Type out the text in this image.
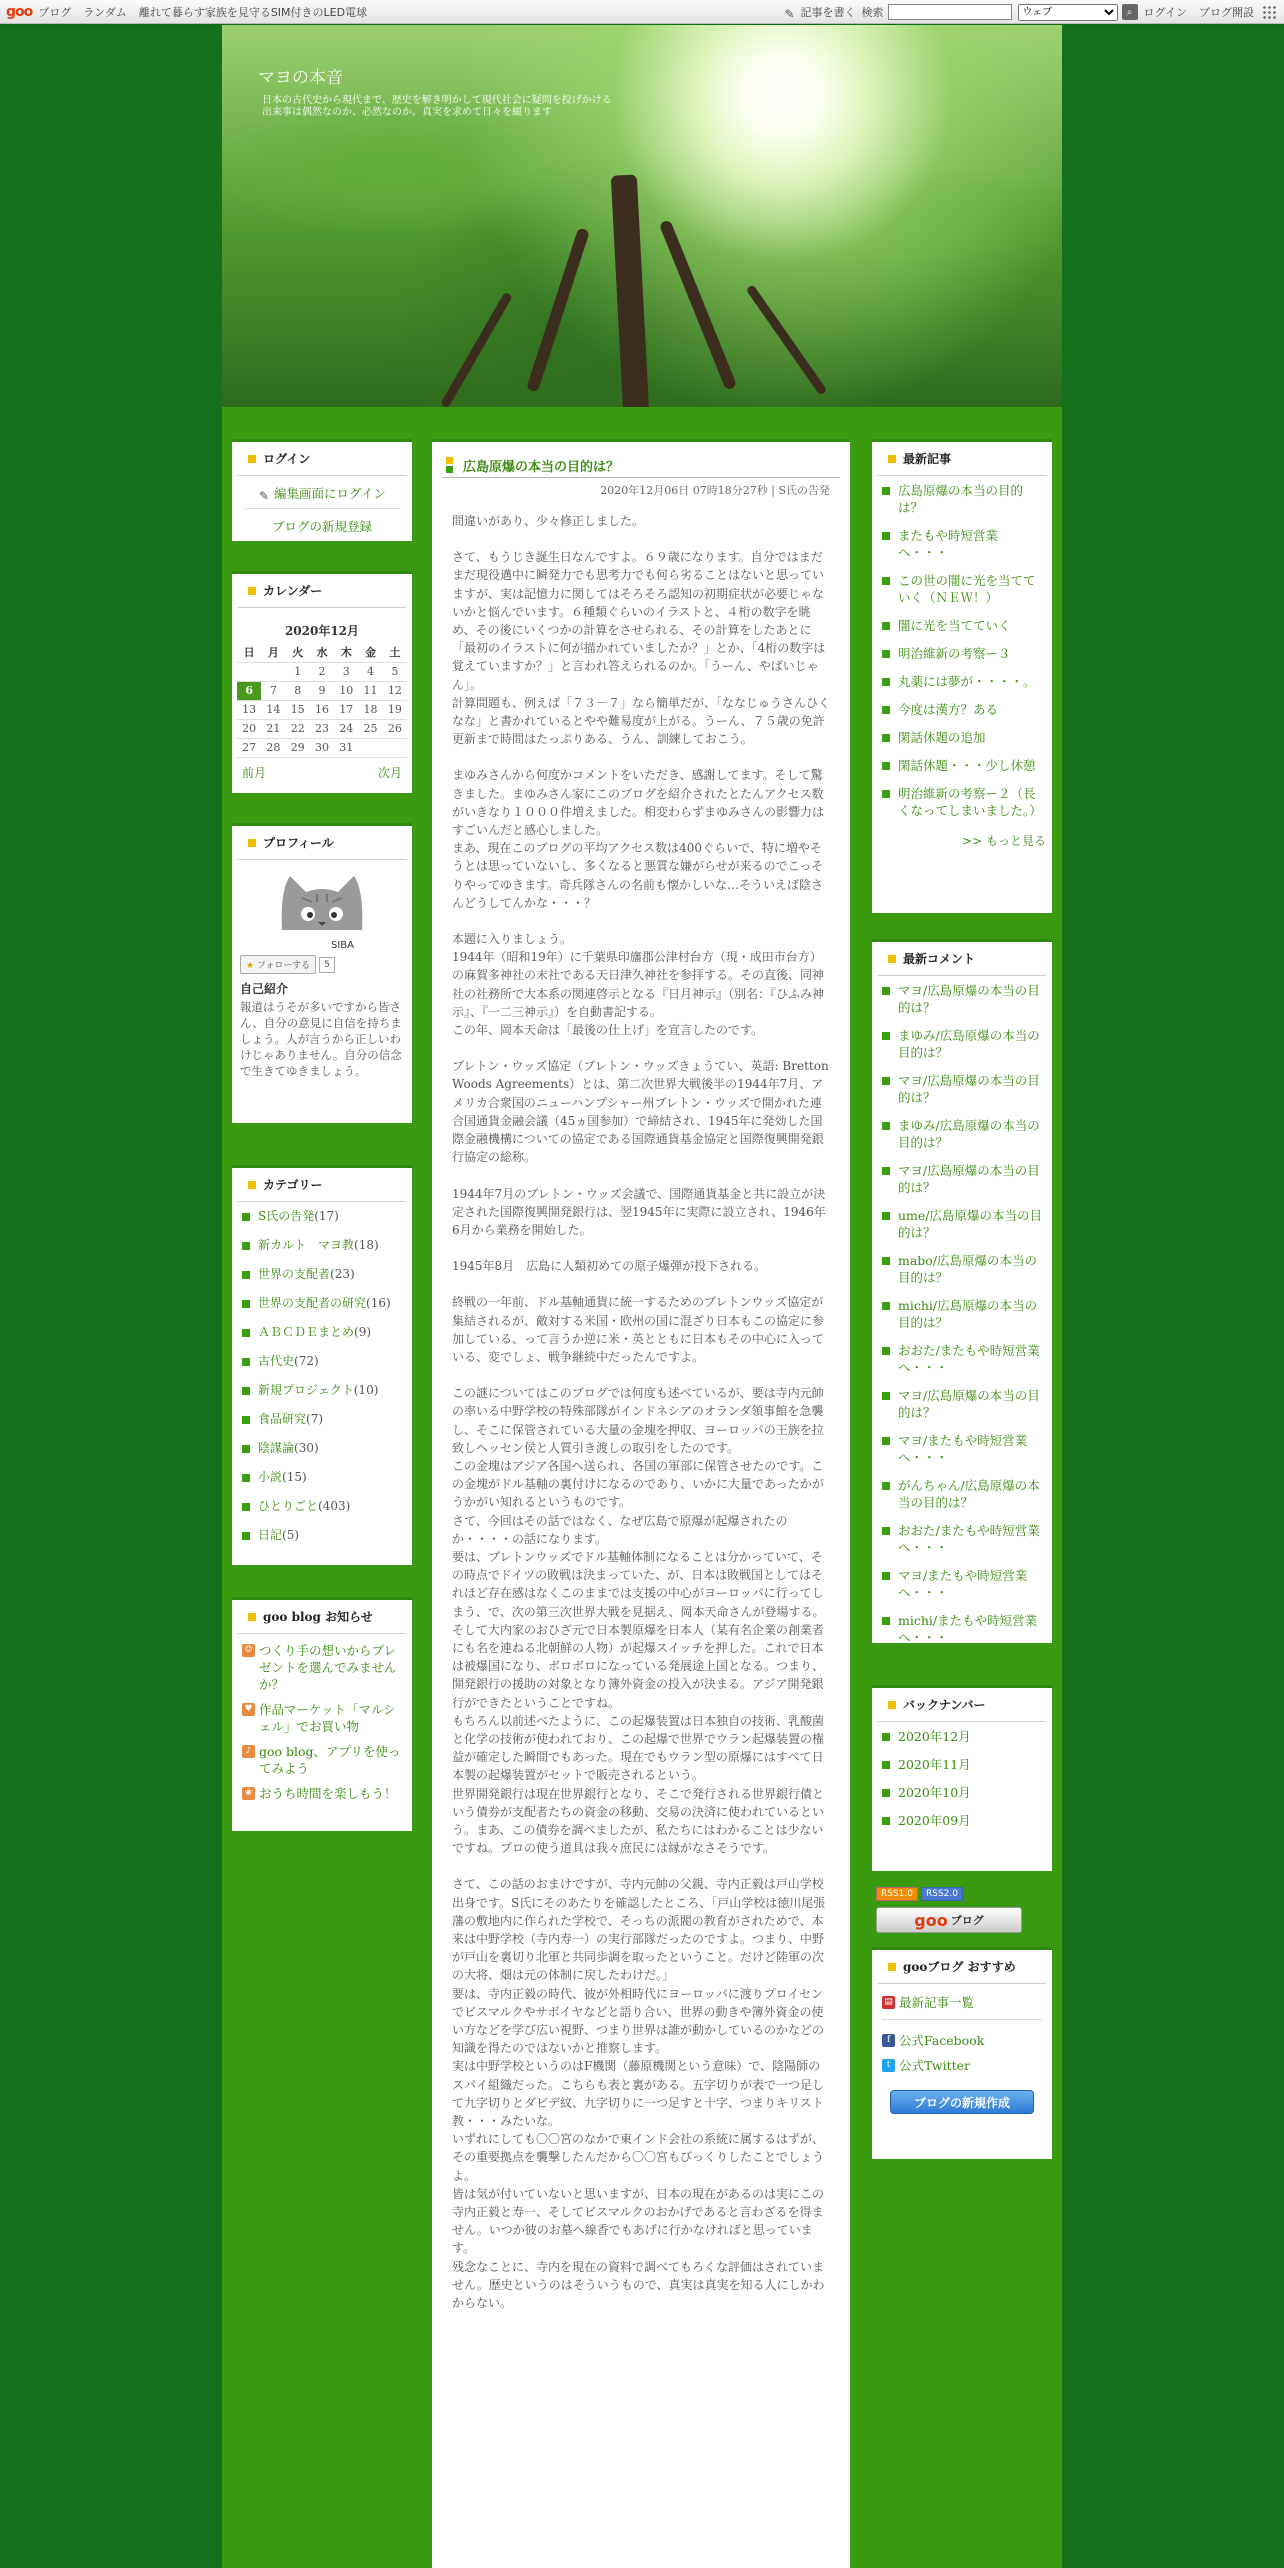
goo ブログ ランダム 離れて暮らす家族を見守るSIM付きのLED電球	✎ 記事を書く 検索
ウェブ	⌕ ログイン ブログ開設
マヨの本音
日本の古代史から現代まで、歴史を解き明かして現代社会に疑問を投げかける
出来事は偶然なのか、必然なのか。真実を求めて日々を綴ります
ログイン
✎ 編集画面にログイン
ブログの新規登録
カレンダー
2020年12月
日	月	火	水	木	金	土
		1	2	3	4	5
6	7	8	9	10	11	12
13	14	15	16	17	18	19
20	21	22	23	24	25	26
27	28	29	30	31		
前月	次月
プロフィール
SIBA
★ フォローする	5
自己紹介
報道はうそが多いですから皆さん、自分の意見に自信を持ちましょう。人が言うから正しいわけじゃありません。自分の信念で生きてゆきましょう。
カテゴリー
S氏の告発 (17)
新カルト　マヨ教 (18)
世界の支配者 (23)
世界の支配者の研究 (16)
ＡＢＣＤＥまとめ (9)
古代史 (72)
新規プロジェクト (10)
食品研究 (7)
陰謀論 (30)
小説 (15)
ひとりごと (403)
日記 (5)
goo blog お知らせ
☺ つくり手の想いからプレゼントを選んでみませんか？
♥ 作品マーケット「マルシェル」でお買い物
♪ goo blog、アプリを使ってみよう
❀ おうち時間を楽しもう！
広島原爆の本当の目的は？
2020年12月06日 07時18分27秒 | S氏の告発

間違いがあり、少々修正しました。

さて、もうじき誕生日なんですよ。６９歳になります。自分ではまだまだ現役邁中に瞬発力でも思考力でも何ら劣ることはないと思っていますが、実は記憶力に関してはそろそろ認知の初期症状が必要じゃないかと悩んでいます。６種類ぐらいのイラストと、４桁の数字を眺め、その後にいくつかの計算をさせられる、その計算をしたあとに「最初のイラストに何が描かれていましたか？」とか、「4桁の数字は覚えていますか？」と言われ答えられるのか。「うーん、やばいじゃん」。
計算問題も、例えば「７３－７」なら簡単だが、「ななじゅうさんひくなな」と書かれているとやや難易度が上がる。うーん、７５歳の免許更新まで時間はたっぷりある、うん、訓練しておこう。

まゆみさんから何度かコメントをいただき、感謝してます。そして驚きました。まゆみさん家にこのブログを紹介されたとたんアクセス数がいきなり１０００件増えました。相変わらずまゆみさんの影響力はすごいんだと感心しました。
まあ、現在このブログの平均アクセス数は400ぐらいで、特に増やそうとは思っていないし、多くなると悪質な嫌がらせが来るのでこっそりやってゆきます。奇兵隊さんの名前も懐かしいな…そういえば陰さんどうしてんかな・・・？

本題に入りましょう。
1944年（昭和19年）に千葉県印旛郡公津村台方（現・成田市台方）の麻賀多神社の末社である天日津久神社を参拝する。その直後、同神社の社務所で大本系の関連啓示となる『日月神示』（別名：『ひふみ神示』、『一二三神示』）を自動書記する。
この年、岡本天命は「最後の仕上げ」を宣言したのです。

ブレトン・ウッズ協定（ブレトン・ウッズきょうてい、英語: Bretton Woods Agreements）とは、第二次世界大戦後半の1944年7月、アメリカ合衆国のニューハンプシャー州ブレトン・ウッズで開かれた連合国通貨金融会議（45ヵ国参加）で締結され、1945年に発効した国際金融機構についての協定である国際通貨基金協定と国際復興開発銀行協定の総称。

1944年7月のブレトン・ウッズ会議で、国際通貨基金と共に設立が決定された国際復興開発銀行は、翌1945年に実際に設立され、1946年6月から業務を開始した。

1945年8月　広島に人類初めての原子爆弾が投下される。

終戦の一年前、ドル基軸通貨に統一するためのブレトンウッズ協定が集結されるが、敵対する米国・欧州の国に混ざり日本もこの協定に参加している、って言うか逆に米・英とともに日本もその中心に入っている、変でしょ、戦争継続中だったんですよ。

この謎についてはこのブログでは何度も述べているが、要は寺内元帥の率いる中野学校の特殊部隊がインドネシアのオランダ領事館を急襲し、そこに保管されている大量の金塊を押収、ヨーロッパの王族を拉致しヘッセン侯と人質引き渡しの取引をしたのです。
この金塊はアジア各国へ送られ、各国の軍部に保管させたのです。この金塊がドル基軸の裏付けになるのであり、いかに大量であったかがうかがい知れるというものです。
さて、今回はその話ではなく、なぜ広島で原爆が起爆されたのか・・・・の話になります。
要は、ブレトンウッズでドル基軸体制になることは分かっていて、その時点でドイツの敗戦は決まっていた、が、日本は敗戦国としてはそれほど存在感はなくこのままでは支援の中心がヨーロッパに行ってしまう、で、次の第三次世界大戦を見据え、岡本天命さんが登場する。そして大内家のおひざ元で日本製原爆を日本人（某有名企業の創業者にも名を連ねる北朝鮮の人物）が起爆スイッチを押した。これで日本は被爆国になり、ボロボロになっている発展途上国となる。つまり、開発銀行の援助の対象となり簿外資金の投入が決まる。アジア開発銀行ができたということですね。
もちろん以前述べたように、この起爆装置は日本独自の技術、乳酸菌と化学の技術が使われており、この起爆で世界でウラン起爆装置の権益が確定した瞬間でもあった。現在でもウラン型の原爆にはすべて日本製の起爆装置がセットで販売されるという。
世界開発銀行は現在世界銀行となり、そこで発行される世界銀行債という債券が支配者たちの資金の移動、交易の決済に使われているという。まあ、この債券を調べましたが、私たちにはわかることは少ないですね。プロの使う道具は我々庶民には縁がなさそうです。

さて、この話のおまけですが、寺内元帥の父親、寺内正毅は戸山学校出身です。S氏にそのあたりを確認したところ、「戸山学校は徳川尾張藩の敷地内に作られた学校で、そっちの派閥の教育がされためで、本来は中野学校（寺内寿一）の実行部隊だったのですよ。つまり、中野が戸山を裏切り北軍と共同歩調を取ったということ。だけど陸軍の次の大将、畑は元の体制に戻したわけだ。」
要は、寺内正毅の時代、彼が外相時代にヨーロッパに渡りプロイセンでビスマルクやサボイヤなどと語り合い、世界の動きや簿外資金の使い方などを学び広い視野、つまり世界は誰が動かしているのかなどの知識を得たのではないかと推察します。
実は中野学校というのはF機関（藤原機関という意味）で、陰陽師のスパイ組織だった。こちらも表と裏がある。五字切りが表で一つ足して九字切りとダビデ紋、九字切りに一つ足すと十字、つまりキリスト教・・・みたいな。
いずれにしても〇〇宮のなかで東インド会社の系統に属するはずが、その重要拠点を襲撃したんだから〇〇宮もびっくりしたことでしょうよ。
皆は気が付いていないと思いますが、日本の現在があるのは実にこの寺内正毅と寿一、そしてビスマルクのおかげであると言わざるを得ません。いつか彼のお墓へ線香でもあげに行かなければと思っています。
残念なことに、寺内を現在の資料で調べてもろくな評価はされていません。歴史というのはそういうもので、真実は真実を知る人にしかわからない。

最新記事
広島原爆の本当の目的は？
またもや時短営業へ・・・
この世の闇に光を当てていく（ＮＥＷ！）
闇に光を当てていく
明治維新の考察ー３
丸薬には夢が・・・・。
今度は漢方？ある
閑話休題の追加
閑話休題・・・少し休憩
明治維新の考察ー２（長くなってしまいました。）
>> もっと見る
最新コメント
マヨ/広島原爆の本当の目的は？
まゆみ/広島原爆の本当の目的は？
マヨ/広島原爆の本当の目的は？
まゆみ/広島原爆の本当の目的は？
マヨ/広島原爆の本当の目的は？
ume/広島原爆の本当の目的は？
mabo/広島原爆の本当の目的は？
michi/広島原爆の本当の目的は？
おおた/またもや時短営業へ・・・
マヨ/広島原爆の本当の目的は？
マヨ/またもや時短営業へ・・・
がんちゃん/広島原爆の本当の目的は？
おおた/またもや時短営業へ・・・
マヨ/またもや時短営業へ・・・
michi/またもや時短営業へ・・・
バックナンバー
2020年12月
2020年11月
2020年10月
2020年09月
RSS1.0	RSS2.0
goo ブログ
gooブログ おすすめ
▤ 最新記事一覧
f 公式Facebook
t 公式Twitter
ブログの新規作成
